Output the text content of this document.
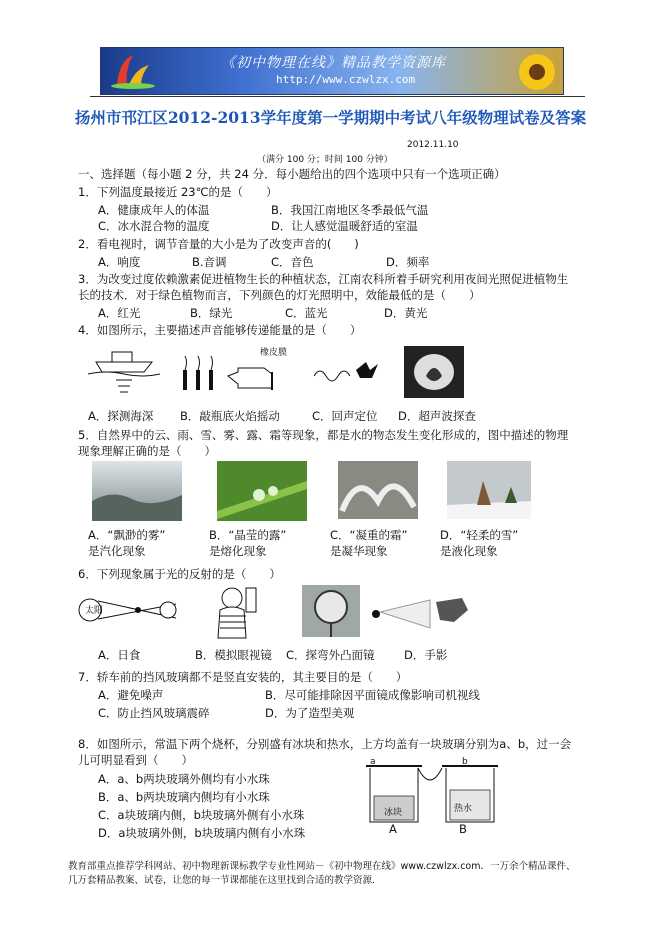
《初中物理在线》精品教学资源库
http://www.czwlzx.com
扬州市邗江区2012-2013学年度第一学期期中考试八年级物理试卷及答案
2012.11.10
（满分 100 分；时间 100 分钟）
一、选择题（每小题 2 分，共 24 分．每小题给出的四个选项中只有一个选项正确）
1．下列温度最接近 23℃的是（　　）
A．健康成年人的体温	B．我国江南地区冬季最低气温
C．冰水混合物的温度	D．让人感觉温暖舒适的室温
2．看电视时，调节音量的大小是为了改变声音的(　　)
A．响度	B.音调	C．音色	D．频率
3．为改变过度依赖激素促进植物生长的种植状态，江南农科所着手研究利用夜间光照促进植物生
长的技术．对于绿色植物而言，下列颜色的灯光照明中，效能最低的是（　　）
A．红光	B．绿光	C．蓝光	D．黄光
4．如图所示，主要描述声音能够传递能量的是（　　）
橡皮膜
A．探测海深 B．敲瓶底火焰摇动	C．回声定位 D．超声波探查
5．自然界中的云、雨、雪、雾、露、霜等现象，都是水的物态发生变化形成的，图中描述的物理
现象理解正确的是（　　）
A．“飘渺的雾”
是汽化现象
B．“晶莹的露”
是熔化现象
C．“凝重的霜”
是凝华现象
D．“轻柔的雪”
是液化现象
6．下列现象属于光的反射的是（　　）
太阳
A．日食	B．模拟眼视镜 C．探弯外凸面镜	D．手影
7．轿车前的挡风玻璃都不是竖直安装的，其主要目的是（　　）
A．避免噪声	B．尽可能排除因平面镜成像影响司机视线
C．防止挡风玻璃震碎	D．为了造型美观
8．如图所示，常温下两个烧杯，分别盛有冰块和热水，上方均盖有一块玻璃分别为a、b，过一会
儿可明显看到（　　）
A．a、b两块玻璃外侧均有小水珠
B．a、b两块玻璃内侧均有小水珠
C．a块玻璃内侧，b块玻璃外侧有小水珠
D．a块玻璃外侧，b块玻璃内侧有小水珠
a	b
冰块	热水
A	B
教育部重点推荐学科网站、初中物理新课标教学专业性网站－《初中物理在线》www.czwlzx.com．一万余个精品课件、
几万套精品教案、试卷，让您的每一节课都能在这里找到合适的教学资源．
